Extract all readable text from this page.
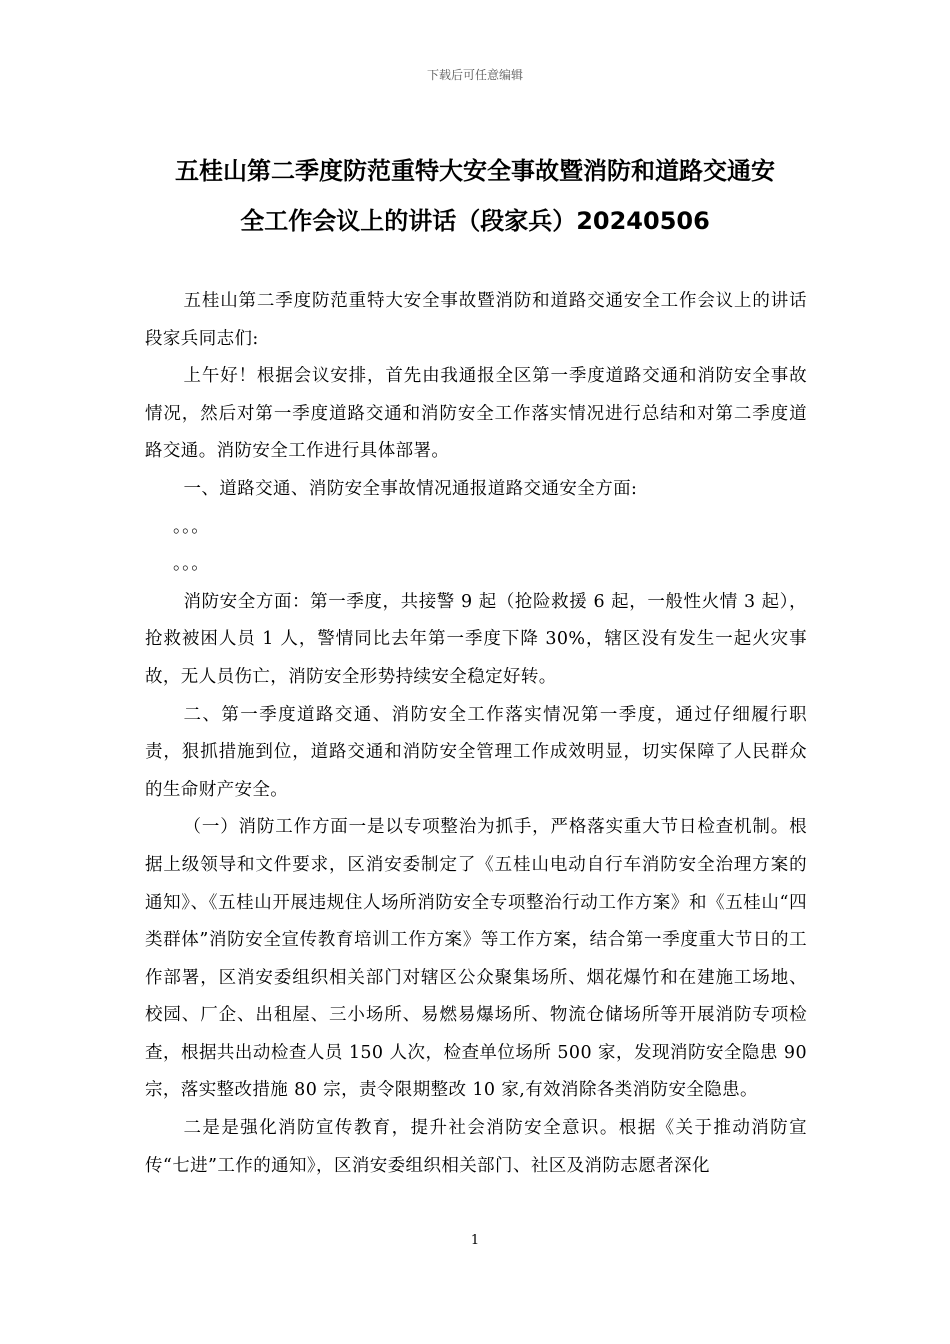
下载后可任意编辑
五桂山第二季度防范重特大安全事故暨消防和道路交通安
全工作会议上的讲话（段家兵）20240506

五桂山第二季度防范重特大安全事故暨消防和道路交通安全工作会议上的讲话段家兵同志们:

上午好！根据会议安排，首先由我通报全区第一季度道路交通和消防安全事故情况，然后对第一季度道路交通和消防安全工作落实情况进行总结和对第二季度道路交通。消防安全工作进行具体部署。

一、道路交通、消防安全事故情况通报道路交通安全方面:

。。。

。。。

消防安全方面：第一季度，共接警 9 起（抢险救援 6 起，一般性火情 3 起），抢救被困人员 1 人，警情同比去年第一季度下降 30%，辖区没有发生一起火灾事故，无人员伤亡，消防安全形势持续安全稳定好转。

二、第一季度道路交通、消防安全工作落实情况第一季度，通过仔细履行职责，狠抓措施到位，道路交通和消防安全管理工作成效明显，切实保障了人民群众的生命财产安全。

（一）消防工作方面一是以专项整治为抓手，严格落实重大节日检查机制。根据上级领导和文件要求，区消安委制定了《五桂山电动自行车消防安全治理方案的通知》、《五桂山开展违规住人场所消防安全专项整治行动工作方案》和《五桂山“四类群体”消防安全宣传教育培训工作方案》等工作方案，结合第一季度重大节日的工作部署，区消安委组织相关部门对辖区公众聚集场所、烟花爆竹和在建施工场地、校园、厂企、出租屋、三小场所、易燃易爆场所、物流仓储场所等开展消防专项检查，根据共出动检查人员 150 人次，检查单位场所 500 家，发现消防安全隐患 90 宗，落实整改措施 80 宗，责令限期整改 10 家,有效消除各类消防安全隐患。

二是是强化消防宣传教育，提升社会消防安全意识。根据《关于推动消防宣传“七进”工作的通知》，区消安委组织相关部门、社区及消防志愿者深化

1
